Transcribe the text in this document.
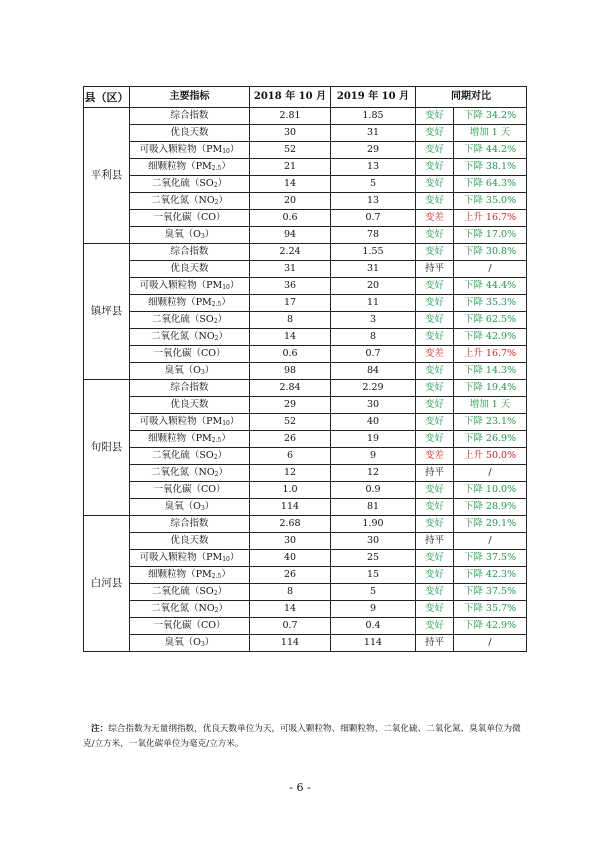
县（区）	主要指标	2018 年 10 月	2019 年 10 月	同期对比	
平利县	综合指数	2.81	1.85	变好	下降 34.2%
	优良天数	30	31	变好	增加 1 天
	可吸入颗粒物$(PM_{10})$	52	29	变好	下降 44.2%
	细颗粒物$(PM_{2.5})$	21	13	变好	下降 38.1%
	二氧化硫$(SO_2)$	14	5	变好	下降 64.3%
	二氧化氮$(NO_2)$	20	13	变好	下降 35.0%
	一氧化碳（CO）	0.6	0.7	变差	上升 16.7%
	臭氧$(O_3)$	94	78	变好	下降 17.0%
镇坪县	综合指数	2.24	1.55	变好	下降 30.8%
	优良天数	31	31	持平	/
	可吸入颗粒物$(PM_{10})$	36	20	变好	下降 44.4%
	细颗粒物$(PM_{2.5})$	17	11	变好	下降 35.3%
	二氧化硫$(SO_2)$	8	3	变好	下降 62.5%
	二氧化氮$(NO_2)$	14	8	变好	下降 42.9%
	一氧化碳（CO）	0.6	0.7	变差	上升 16.7%
	臭氧$(O_3)$	98	84	变好	下降 14.3%
旬阳县	综合指数	2.84	2.29	变好	下降 19.4%
	优良天数	29	30	变好	增加 1 天
	可吸入颗粒物$(PM_{10})$	52	40	变好	下降 23.1%
	细颗粒物$(PM_{2.5})$	26	19	变好	下降 26.9%
	二氧化硫$(SO_2)$	6	9	变差	上升 50.0%
	二氧化氮$(NO_2)$	12	12	持平	/
	一氧化碳（CO）	1.0	0.9	变好	下降 10.0%
	臭氧$(O_3)$	114	81	变好	下降 28.9%
白河县	综合指数	2.68	1.90	变好	下降 29.1%
	优良天数	30	30	持平	/
	可吸入颗粒物$(PM_{10})$	40	25	变好	下降 37.5%
	细颗粒物$(PM_{2.5})$	26	15	变好	下降 42.3%
	二氧化硫$(SO_2)$	8	5	变好	下降 37.5%
	二氧化氮$(NO_2)$	14	9	变好	下降 35.7%
	一氧化碳（CO）	0.7	0.4	变好	下降 42.9%
	臭氧$(O_3)$	114	114	持平	/
注：综合指数为无量纲指数，优良天数单位为天，可吸入颗粒物、细颗粒物、二氧化硫、二氧化氮、臭氧单位为微克/立方米，一氧化碳单位为毫克/立方米。
- 6 -
